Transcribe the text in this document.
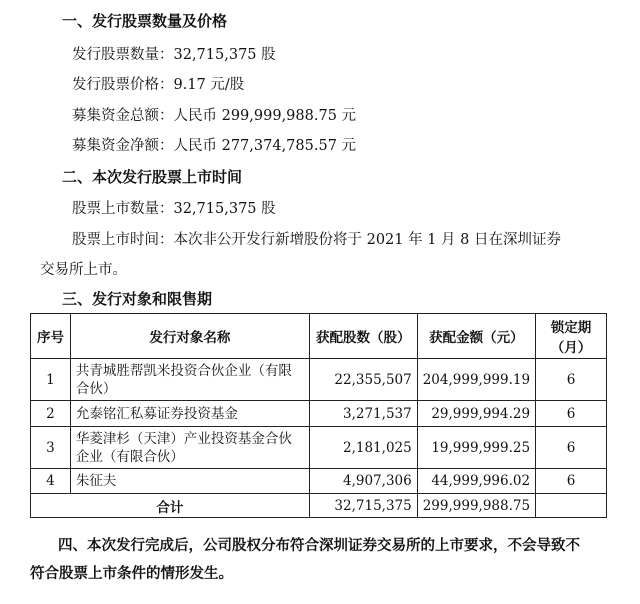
一、发行股票数量及价格
发行股票数量：32,715,375 股
发行股票价格：9.17 元/股
募集资金总额：人民币 299,999,988.75 元
募集资金净额：人民币 277,374,785.57 元
二、本次发行股票上市时间
股票上市数量：32,715,375 股
股票上市时间：本次非公开发行新增股份将于 2021 年 1 月 8 日在深圳证券
交易所上市。
三、发行对象和限售期
序号	发行对象名称	获配股数（股）	获配金额（元）	锁定期（月）
1	共青城胜帮凯米投资合伙企业（有限合伙）	22,355,507	204,999,999.19	6
2	允泰铭汇私募证券投资基金	3,271,537	29,999,994.29	6
3	华菱津杉（天津）产业投资基金合伙企业（有限合伙）	2,181,025	19,999,999.25	6
4	朱征夫	4,907,306	44,999,996.02	6
合计		32,715,375	299,999,988.75	
四、本次发行完成后，公司股权分布符合深圳证券交易所的上市要求，不会导致不符合股票上市条件的情形发生。
